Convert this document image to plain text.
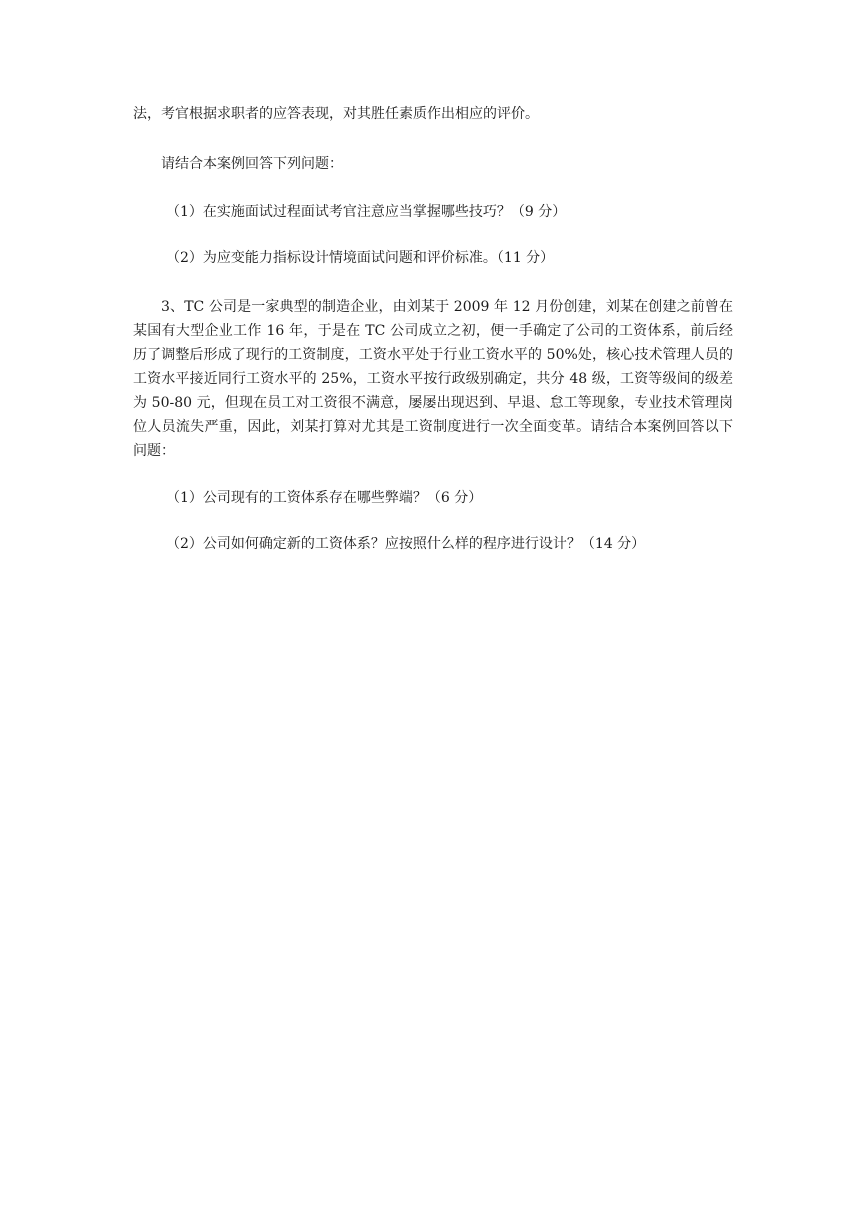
法，考官根据求职者的应答表现，对其胜任素质作出相应的评价。

请结合本案例回答下列问题：

（1）在实施面试过程面试考官注意应当掌握哪些技巧？（9 分）

（2）为应变能力指标设计情境面试问题和评价标准。（11 分）

3、TC 公司是一家典型的制造企业，由刘某于 2009 年 12 月份创建，刘某在创建之前曾在某国有大型企业工作 16 年，于是在 TC 公司成立之初，便一手确定了公司的工资体系，前后经历了调整后形成了现行的工资制度，工资水平处于行业工资水平的 50%处，核心技术管理人员的工资水平接近同行工资水平的 25%，工资水平按行政级别确定，共分 48 级，工资等级间的级差为 50-80 元，但现在员工对工资很不满意，屡屡出现迟到、早退、怠工等现象，专业技术管理岗位人员流失严重，因此，刘某打算对尤其是工资制度进行一次全面变革。请结合本案例回答以下问题：

（1）公司现有的工资体系存在哪些弊端？（6 分）

（2）公司如何确定新的工资体系？应按照什么样的程序进行设计？（14 分）
